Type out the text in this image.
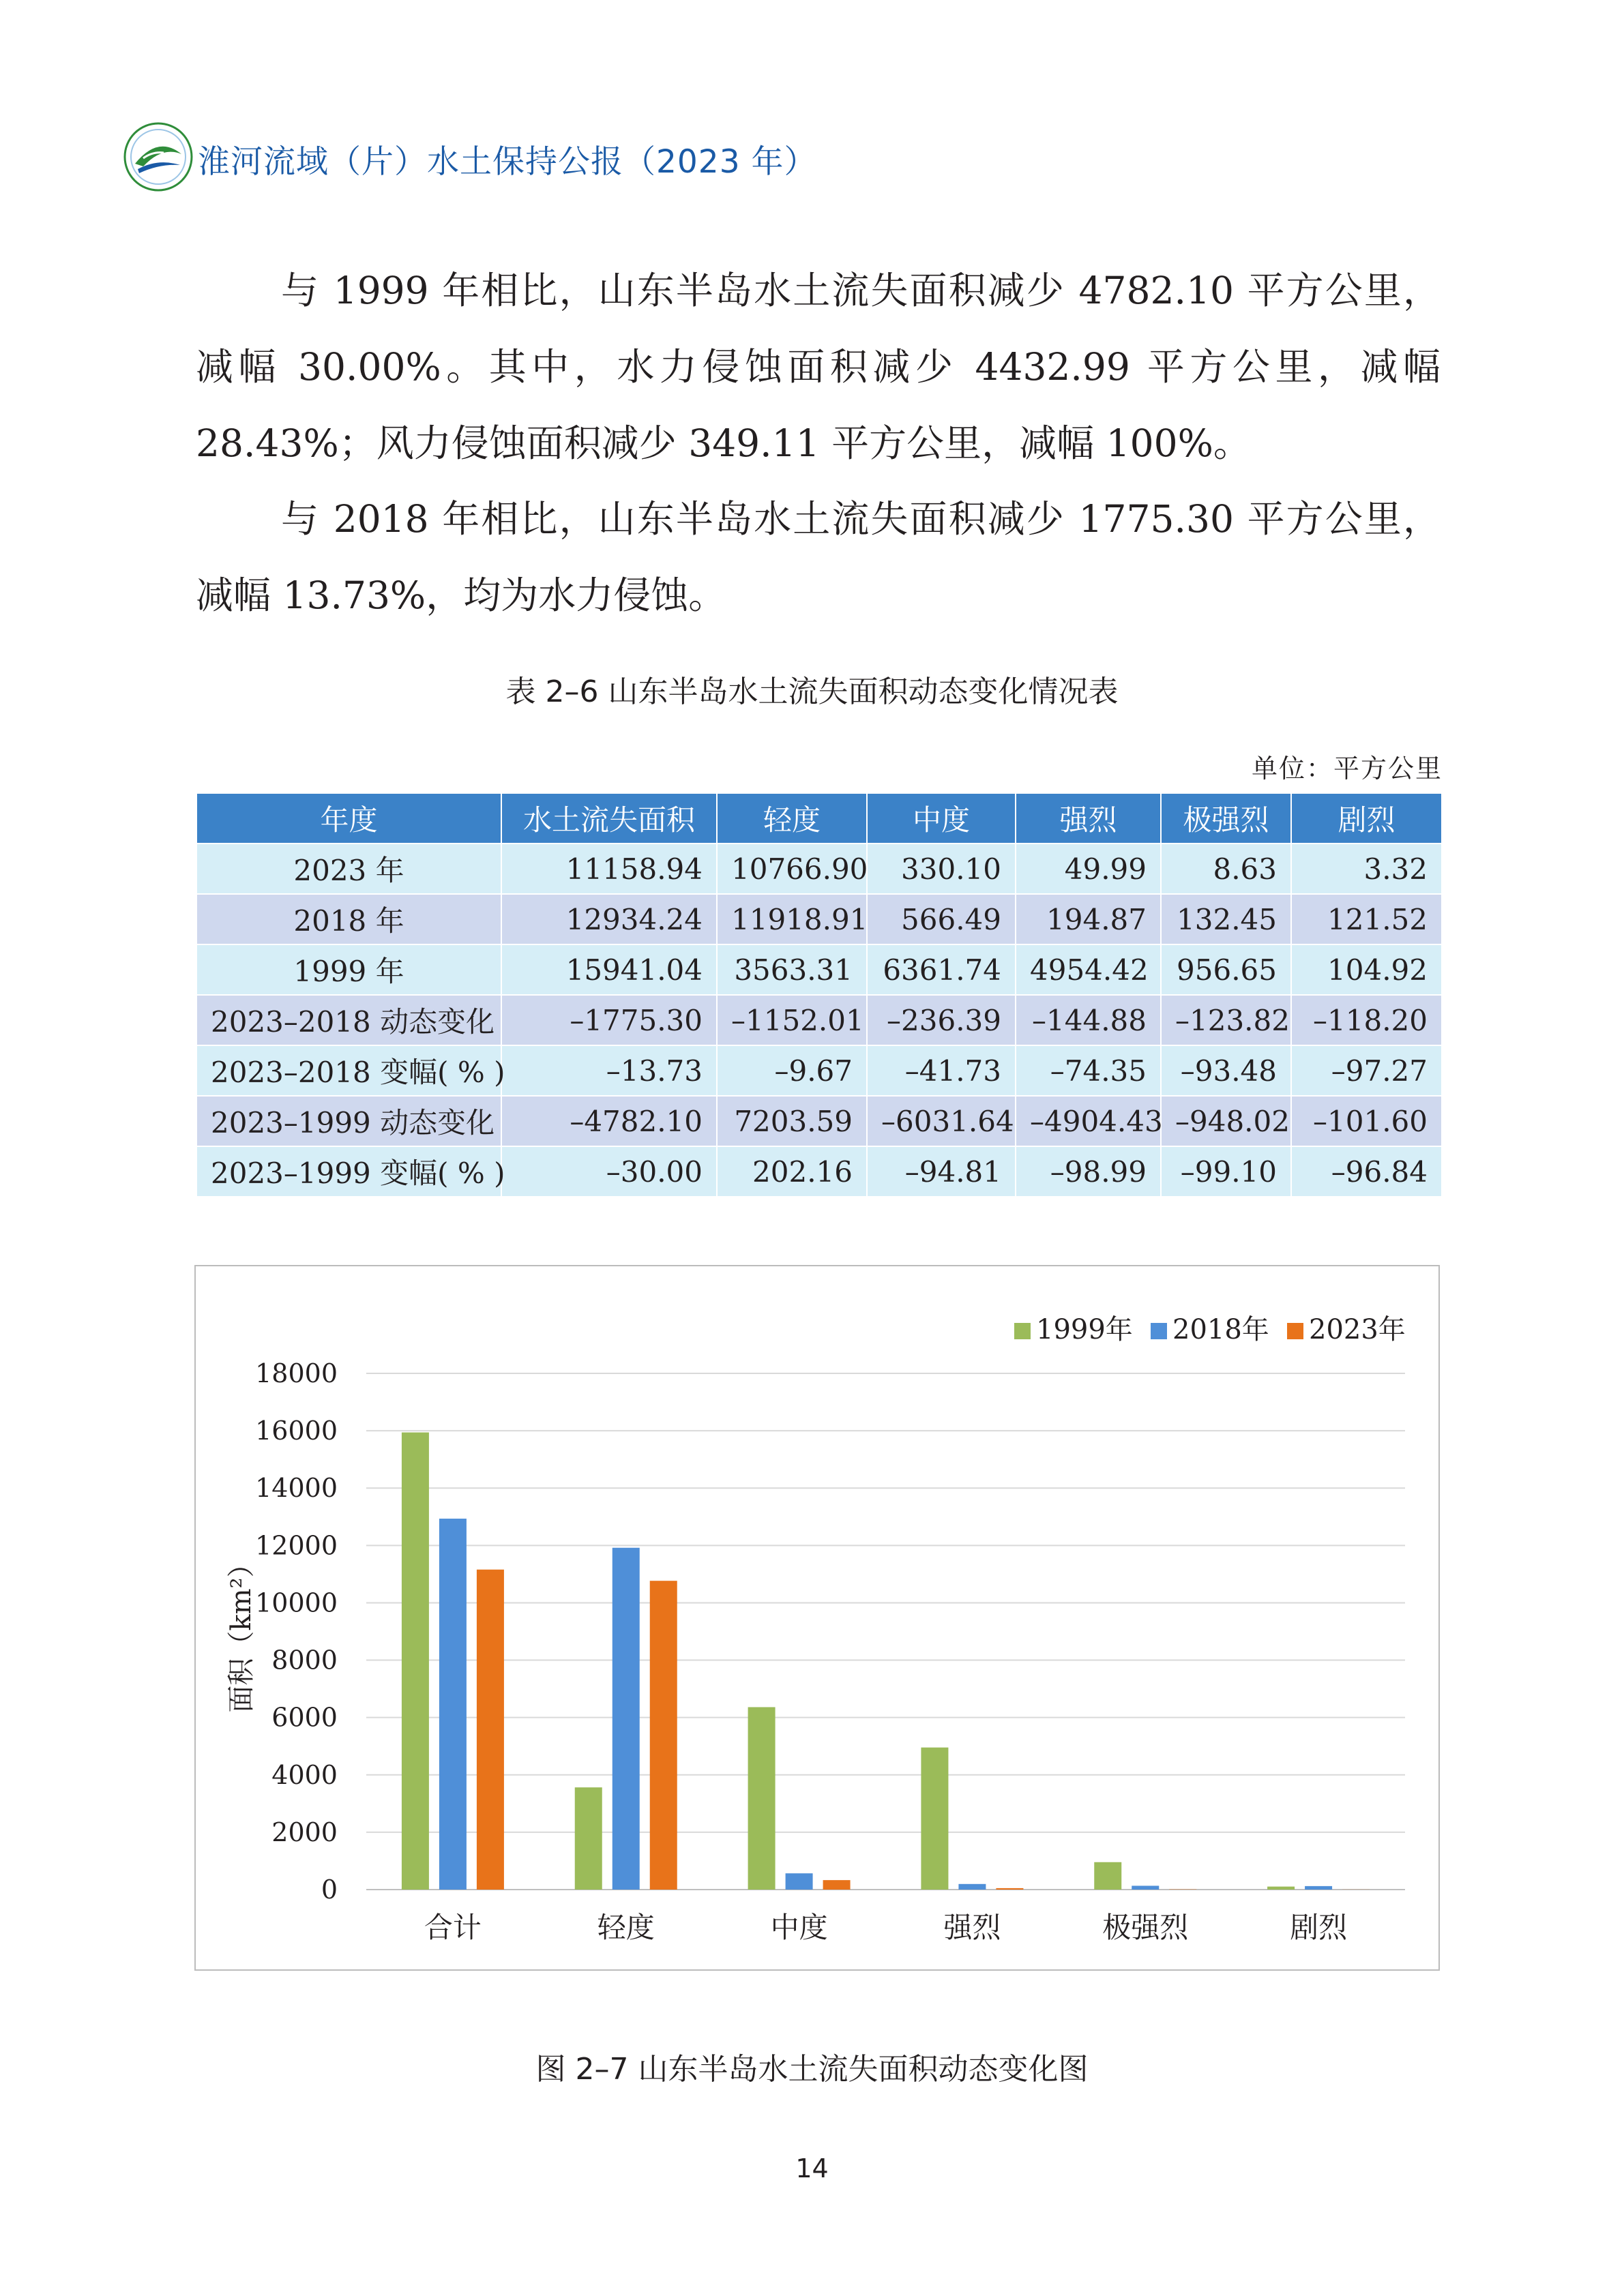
淮河流域（片）水土保持公报（2023 年）

与 1999 年相比，山东半岛水土流失面积减少 4782.10 平方公里，减幅 30.00%。其中，水力侵蚀面积减少 4432.99 平方公里，减幅 28.43%；风力侵蚀面积减少 349.11 平方公里，减幅 100%。

与 2018 年相比，山东半岛水土流失面积减少 1775.30 平方公里，减幅 13.73%，均为水力侵蚀。

表 2–6 山东半岛水土流失面积动态变化情况表
单位：平方公里
年度	水土流失面积	轻度	中度	强烈	极强烈	剧烈
2023 年	11158.94	10766.90	330.10	49.99	8.63	3.32
2018 年	12934.24	11918.91	566.49	194.87	132.45	121.52
1999 年	15941.04	3563.31	6361.74	4954.42	956.65	104.92
2023–2018 动态变化	–1775.30	–1152.01	–236.39	–144.88	–123.82	–118.20
2023–2018 变幅( % )	–13.73	–9.67	–41.73	–74.35	–93.48	–97.27
2023–1999 动态变化	–4782.10	7203.59	–6031.64	–4904.43	–948.02	–101.60
2023–1999 变幅( % )	–30.00	202.16	–94.81	–98.99	–99.10	–96.84
0
2000
4000
6000
8000
10000
12000
14000
16000
18000
面积（km²）
合计	轻度	中度	强烈	极强烈	剧烈
1999年 2018年 2023年
图 2–7 山东半岛水土流失面积动态变化图
14
